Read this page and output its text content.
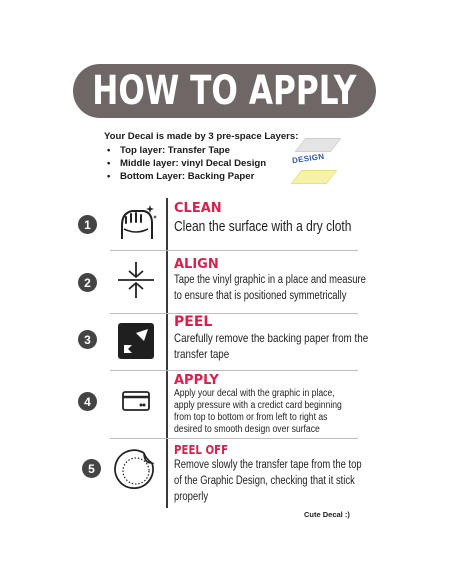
HOW TO APPLY
Your Decal is made by 3 pre-space Layers:
• Top layer: Transfer Tape
• Middle layer: vinyl Decal Design
• Bottom Layer: Backing Paper
DESIGN
1
CLEAN
Clean the surface with a dry cloth
2
ALIGN
Tape the vinyl graphic in a place and measure
to ensure that is positioned symmetrically
3
PEEL
Carefully remove the backing paper from the
transfer tape
4
APPLY
Apply your decal with the graphic in place,
apply pressure with a credict card beginning
from top to bottom or from left to right as
desired to smooth design over surface
5
PEEL OFF
Remove slowly the transfer tape from the top
of the Graphic Design, checking that it stick
properly
Cute Decal :)
